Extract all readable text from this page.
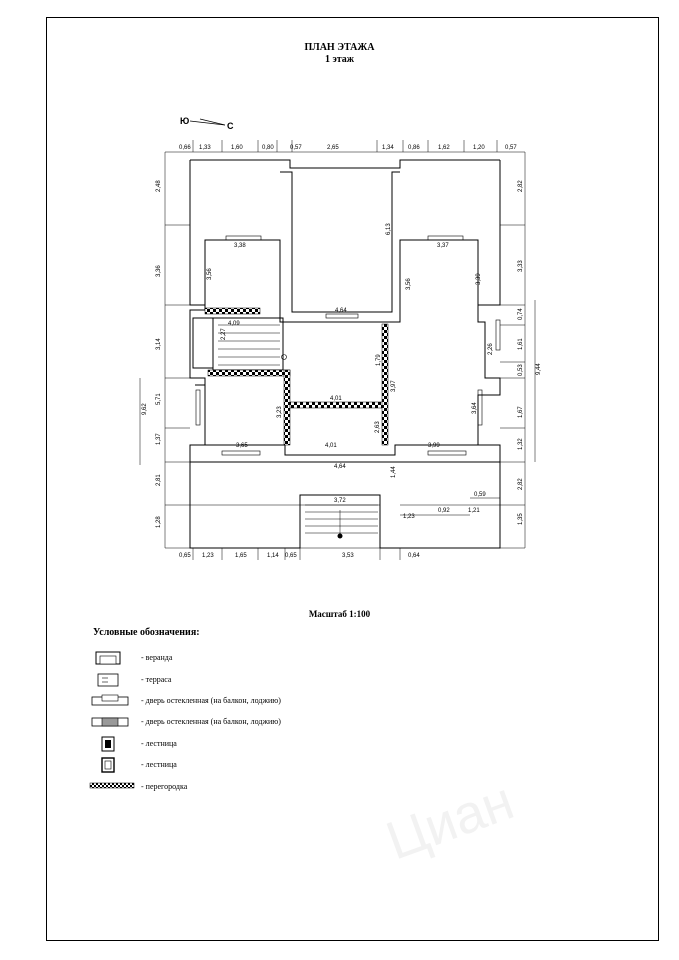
ПЛАН ЭТАЖА
1 этаж
Ю	С
0,66 1,33	1,60	0,80	0,57	2,65	1,34 0,86	1,62	1,20	0,57
0,65 1,23	1,65	1,14 0,65	3,53	0,64
2,48
3,36
3,14
5,71
1,37
2,81
1,28
9,62
2,82
3,33
0,74
1,61
0,53
1,67
1,32
2,82
1,35
9,44
3,38
3,56
4,09
6,13
4,64
3,56
3,37
3,39
2,27
2,26
1,79
3,97
4,01
3,23
2,63
3,64
4,01
3,65	3,99
4,64	1,44
3,72
0,59
1,23
0,92	1,21
Масштаб 1:100
Условные обозначения:
- веранда
- терраса
- дверь остекленная (на балкон, лоджию)
- дверь остекленная (на балкон, лоджию)
- лестница
- лестница
- перегородка	Циан
